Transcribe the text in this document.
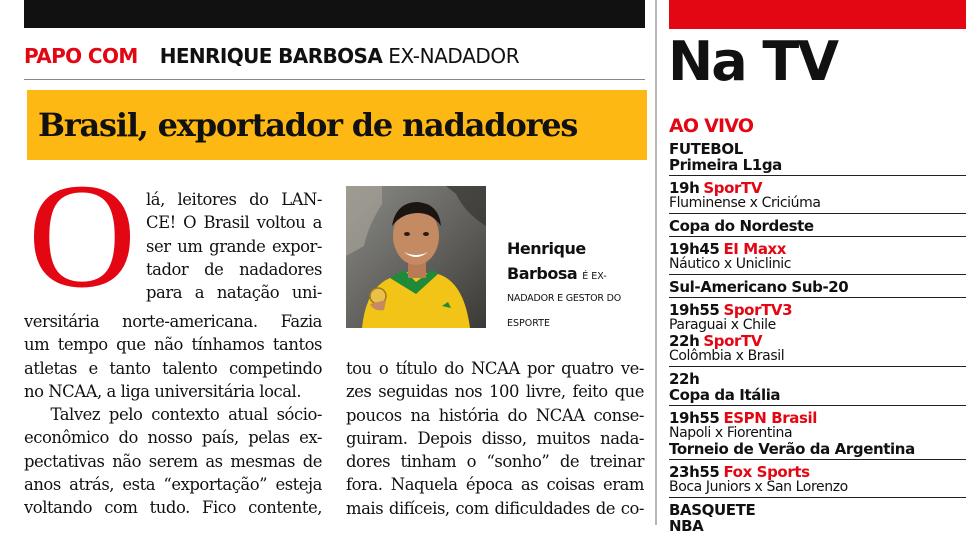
PAPO COM HENRIQUE BARBOSA EX-NADADOR
Brasil, exportador de nadadores
O lá, leitores do LAN-
CE! O Brasil voltou a
ser um grande expor-
tador de nadadores
para a natação uni-
versitária norte-americana. Fazia
um tempo que não tínhamos tantos
atletas e tanto talento competindo
no NCAA, a liga universitária local.
Talvez pelo contexto atual sócio-
econômico do nosso país, pelas ex-
pectativas não serem as mesmas de
anos atrás, esta “exportação” esteja
voltando com tudo. Fico contente,
Henrique
Barbosa É EX-
NADADOR E GESTOR DO
ESPORTE
tou o título do NCAA por quatro ve-
zes seguidas nos 100 livre, feito que
poucos na história do NCAA conse-
guiram. Depois disso, muitos nada-
dores tinham o “sonho” de treinar
fora. Naquela época as coisas eram
mais difíceis, com dificuldades de co-
Na TV
AO VIVO
FUTEBOL
Primeira L1ga
19h SporTV
Fluminense x Criciúma
Copa do Nordeste
19h45 EI Maxx
Náutico x Uniclinic
Sul-Americano Sub-20
19h55 SporTV3
Paraguai x Chile
22h SporTV
Colômbia x Brasil
22h
Copa da Itália
19h55 ESPN Brasil
Napoli x Fiorentina
Torneio de Verão da Argentina
23h55 Fox Sports
Boca Juniors x San Lorenzo
BASQUETE
NBA
